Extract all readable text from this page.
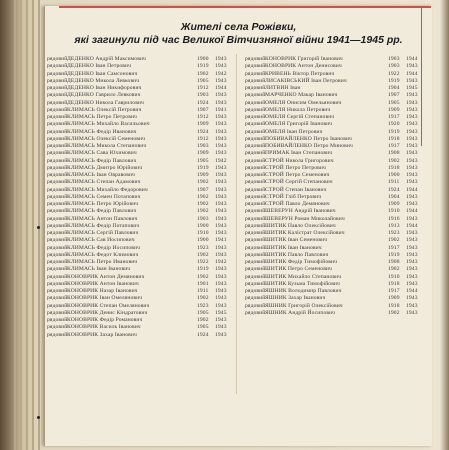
Жителі села Рожівки,
які загинули під час Великої Вітчизняної війни 1941—1945 рр.
рядовий ДЕДЕНКО Андрій Максимович	1900 1943
рядовий ДЕДЕНКО Іван Петрович	1919 1943
рядовий ДЕДЕНКО Іван Самсонович	1902 1942
рядовий ДЕДЕНКО Микола Левкович	1905 1943
рядовий ДЕДЕНКО Іван Никифорович	1912 1944
рядовий ДЕДЕНКО Гаврило Левкович	1903 1943
рядовий ДЕДЕНКО Никола Гаврилович	1924 1943
рядовий КЛИМАСЬ Олексій Петрович	1907 1941
рядовий КЛИМАСЬ Петро Петрович	1912 1943
рядовий КЛИМАСЬ Михайло Васильович	1909 1943
рядовий КЛИМАСЬ Федір Иванович	1924 1943
рядовий КЛИМАСЬ Олексій Семенович	1912 1943
рядовий КЛИМАСЬ Микола Степанович	1903 1943
рядовий КЛИМАСЬ Сава Юхимович	1909 1943
рядовий КЛИМАСЬ Федір Павлович	1905 1942
рядовий КЛИМАСЬ Дмитро Юрійович	1919 1943
рядовий КЛИМАСЬ Іван Овравович	1909 1943
рядовий КЛИМАСЬ Степан Адамович	1902 1943
рядовий КЛИМАСЬ Михайло Федорович	1907 1943
рядовий КЛИМАСЬ Семен Потапович	1902 1943
рядовий КЛИМАСЬ Петро Юрійович	1902 1943
рядовий КЛИМАСЬ Федір Павлович	1902 1943
рядовий КЛИМАСЬ Антон Павлович	1903 1943
рядовий КЛИМАСЬ Федір Потапович	1900 1943
рядовий КЛИМАСЬ Сергій Павлович	1910 1943
рядовий КЛИМАСЬ Сав Иосипович	1900 1941
рядовий КЛИМАСЬ Федір Иосипович	1923 1943
рядовий КЛИМАСЬ Федот Климович	1902 1943
рядовий КЛИМАСЬ Петро Иванович	1922 1942
рядовий КЛИМАСЬ Іван Іванович	1919 1943
рядовий КОНОВРИК Антон Демянович	1902 1943
рядовий КОНОВРИК Антон Іванович	1901 1943
рядовий КОНОВРИК Назар Іванович	1911 1943
рядовий КОНОВРИК Іван Омелянович	1902 1943
рядовий КОНОВРИК Степан Омелянович	1923 1943
рядовий КОНОВРИК Денис Кіндратович	1905 1945
рядовий КОНОВРИК Федір Романович	1902 1943
рядовий КОНОВРИК Василь Іванович	1905 1943
рядовий КОНОВРИК Захар Іванович	1924 1943
рядовий КОНОВРИК Григорій Іванович	1903 1944
рядовий КОНОВРИК Антон Денисович	1903 1943
рядовий КРИВЕНЬ Віктор Петрович	1922 1944
рядовий ЛИСАКІВСЬКИЙ Іван Петрович	1919 1943
рядовий ЛИТВИН Іван	1904 1945
рядовий МАРЧЕНКО Макар Іванович	1907 1943
рядовий ОМЕЛЯ Онисим Омельянович	1905 1943
рядовий ОМЕЛЯ Никола Петрович	1909 1943
рядовий ОМЕЛЯ Сергій Степанович	1917 1943
рядовий ОМЕЛЯ Григорій Іванович	1920 1943
рядовий ОМЕЛЯ Іван Петрович	1919 1943
рядовий ПОБИВАЙЛЕНКО Петро Іванович	1918 1943
рядовий ПОБИВАЙЛЕНКО Петро Минович	1917 1943
рядовий ПРИМАК Іван Степанович	1908 1943
рядовий СТРОЙ Никола Григорович	1902 1943
рядовий СТРОЙ Петро Петрович	1918 1943
рядовий СТРОЙ Петро Семенович	1900 1943
рядовий СТРОЙ Сергій Степанович	1911 1943
рядовий СТРОЙ Степан Іванович	1924 1944
рядовий СТРОЙ Гліб Петрович	1904 1943
рядовий СТРОЙ Павло Демянович	1909 1943
рядовий ШЕВЕРУН Андрій Іванович	1910 1944
рядовий ШЕВЕРУН Роман Миколайович	1916 1943
рядовий ШИТИК Павло Олексійович	1913 1944
рядовий ШИТИК Калістрат Олексійович	1923 1943
рядовий ШИТИК Іван Семенович	1902 1943
рядовий ШИТИК Іван Іванович	1917 1943
рядовий ШИТИК Павло Павлович	1919 1943
рядовий ШИТИК Федір Тимофійович	1908 1943
рядовий ШИТИК Петро Семенович	1902 1943
рядовий ШИТИК Михайло Степанович	1910 1943
рядовий ШИТИК Кузьма Тимофійович	1918 1943
рядовий ЯШНИК Володимир Павлович	1917 1944
рядовий ЯШНИК Захар Іванович	1909 1943
рядовий ЯШНИК Григорій Олексійович	1918 1943
рядовий ЯШНИК Андрій Йосипович	1902 1943
